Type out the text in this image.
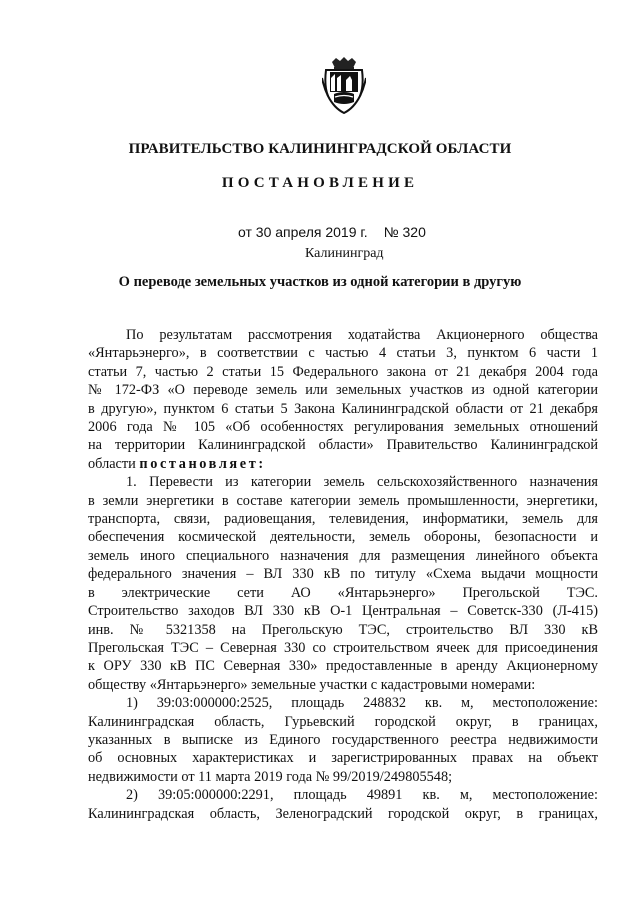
ПРАВИТЕЛЬСТВО КАЛИНИНГРАДСКОЙ ОБЛАСТИ
ПОСТАНОВЛЕНИЕ
от 30 апреля 2019 г. № 320
Калининград
О переводе земельных участков из одной категории в другую
По результатам рассмотрения ходатайства Акционерного общества
«Янтарьэнерго», в соответствии с частью 4 статьи 3, пунктом 6 части 1
статьи 7, частью 2 статьи 15 Федерального закона от 21 декабря 2004 года
№ 172-ФЗ «О переводе земель или земельных участков из одной категории
в другую», пунктом 6 статьи 5 Закона Калининградской области от 21 декабря
2006 года № 105 «Об особенностях регулирования земельных отношений
на территории Калининградской области» Правительство Калининградской
области постановляет:
1. Перевести из категории земель сельскохозяйственного назначения
в земли энергетики в составе категории земель промышленности, энергетики,
транспорта, связи, радиовещания, телевидения, информатики, земель для
обеспечения космической деятельности, земель обороны, безопасности и
земель иного специального назначения для размещения линейного объекта
федерального значения – ВЛ 330 кВ по титулу «Схема выдачи мощности
в электрические сети АО «Янтарьэнерго» Прегольской ТЭС.
Строительство заходов ВЛ 330 кВ О-1 Центральная – Советск-330 (Л-415)
инв. № 5321358 на Прегольскую ТЭС, строительство ВЛ 330 кВ
Прегольская ТЭС – Северная 330 со строительством ячеек для присоединения
к ОРУ 330 кВ ПС Северная 330» предоставленные в аренду Акционерному
обществу «Янтарьэнерго» земельные участки с кадастровыми номерами:
1) 39:03:000000:2525, площадь 248832 кв. м, местоположение:
Калининградская область, Гурьевский городской округ, в границах,
указанных в выписке из Единого государственного реестра недвижимости
об основных характеристиках и зарегистрированных правах на объект
недвижимости от 11 марта 2019 года № 99/2019/249805548;
2) 39:05:000000:2291, площадь 49891 кв. м, местоположение:
Калининградская область, Зеленоградский городской округ, в границах,
